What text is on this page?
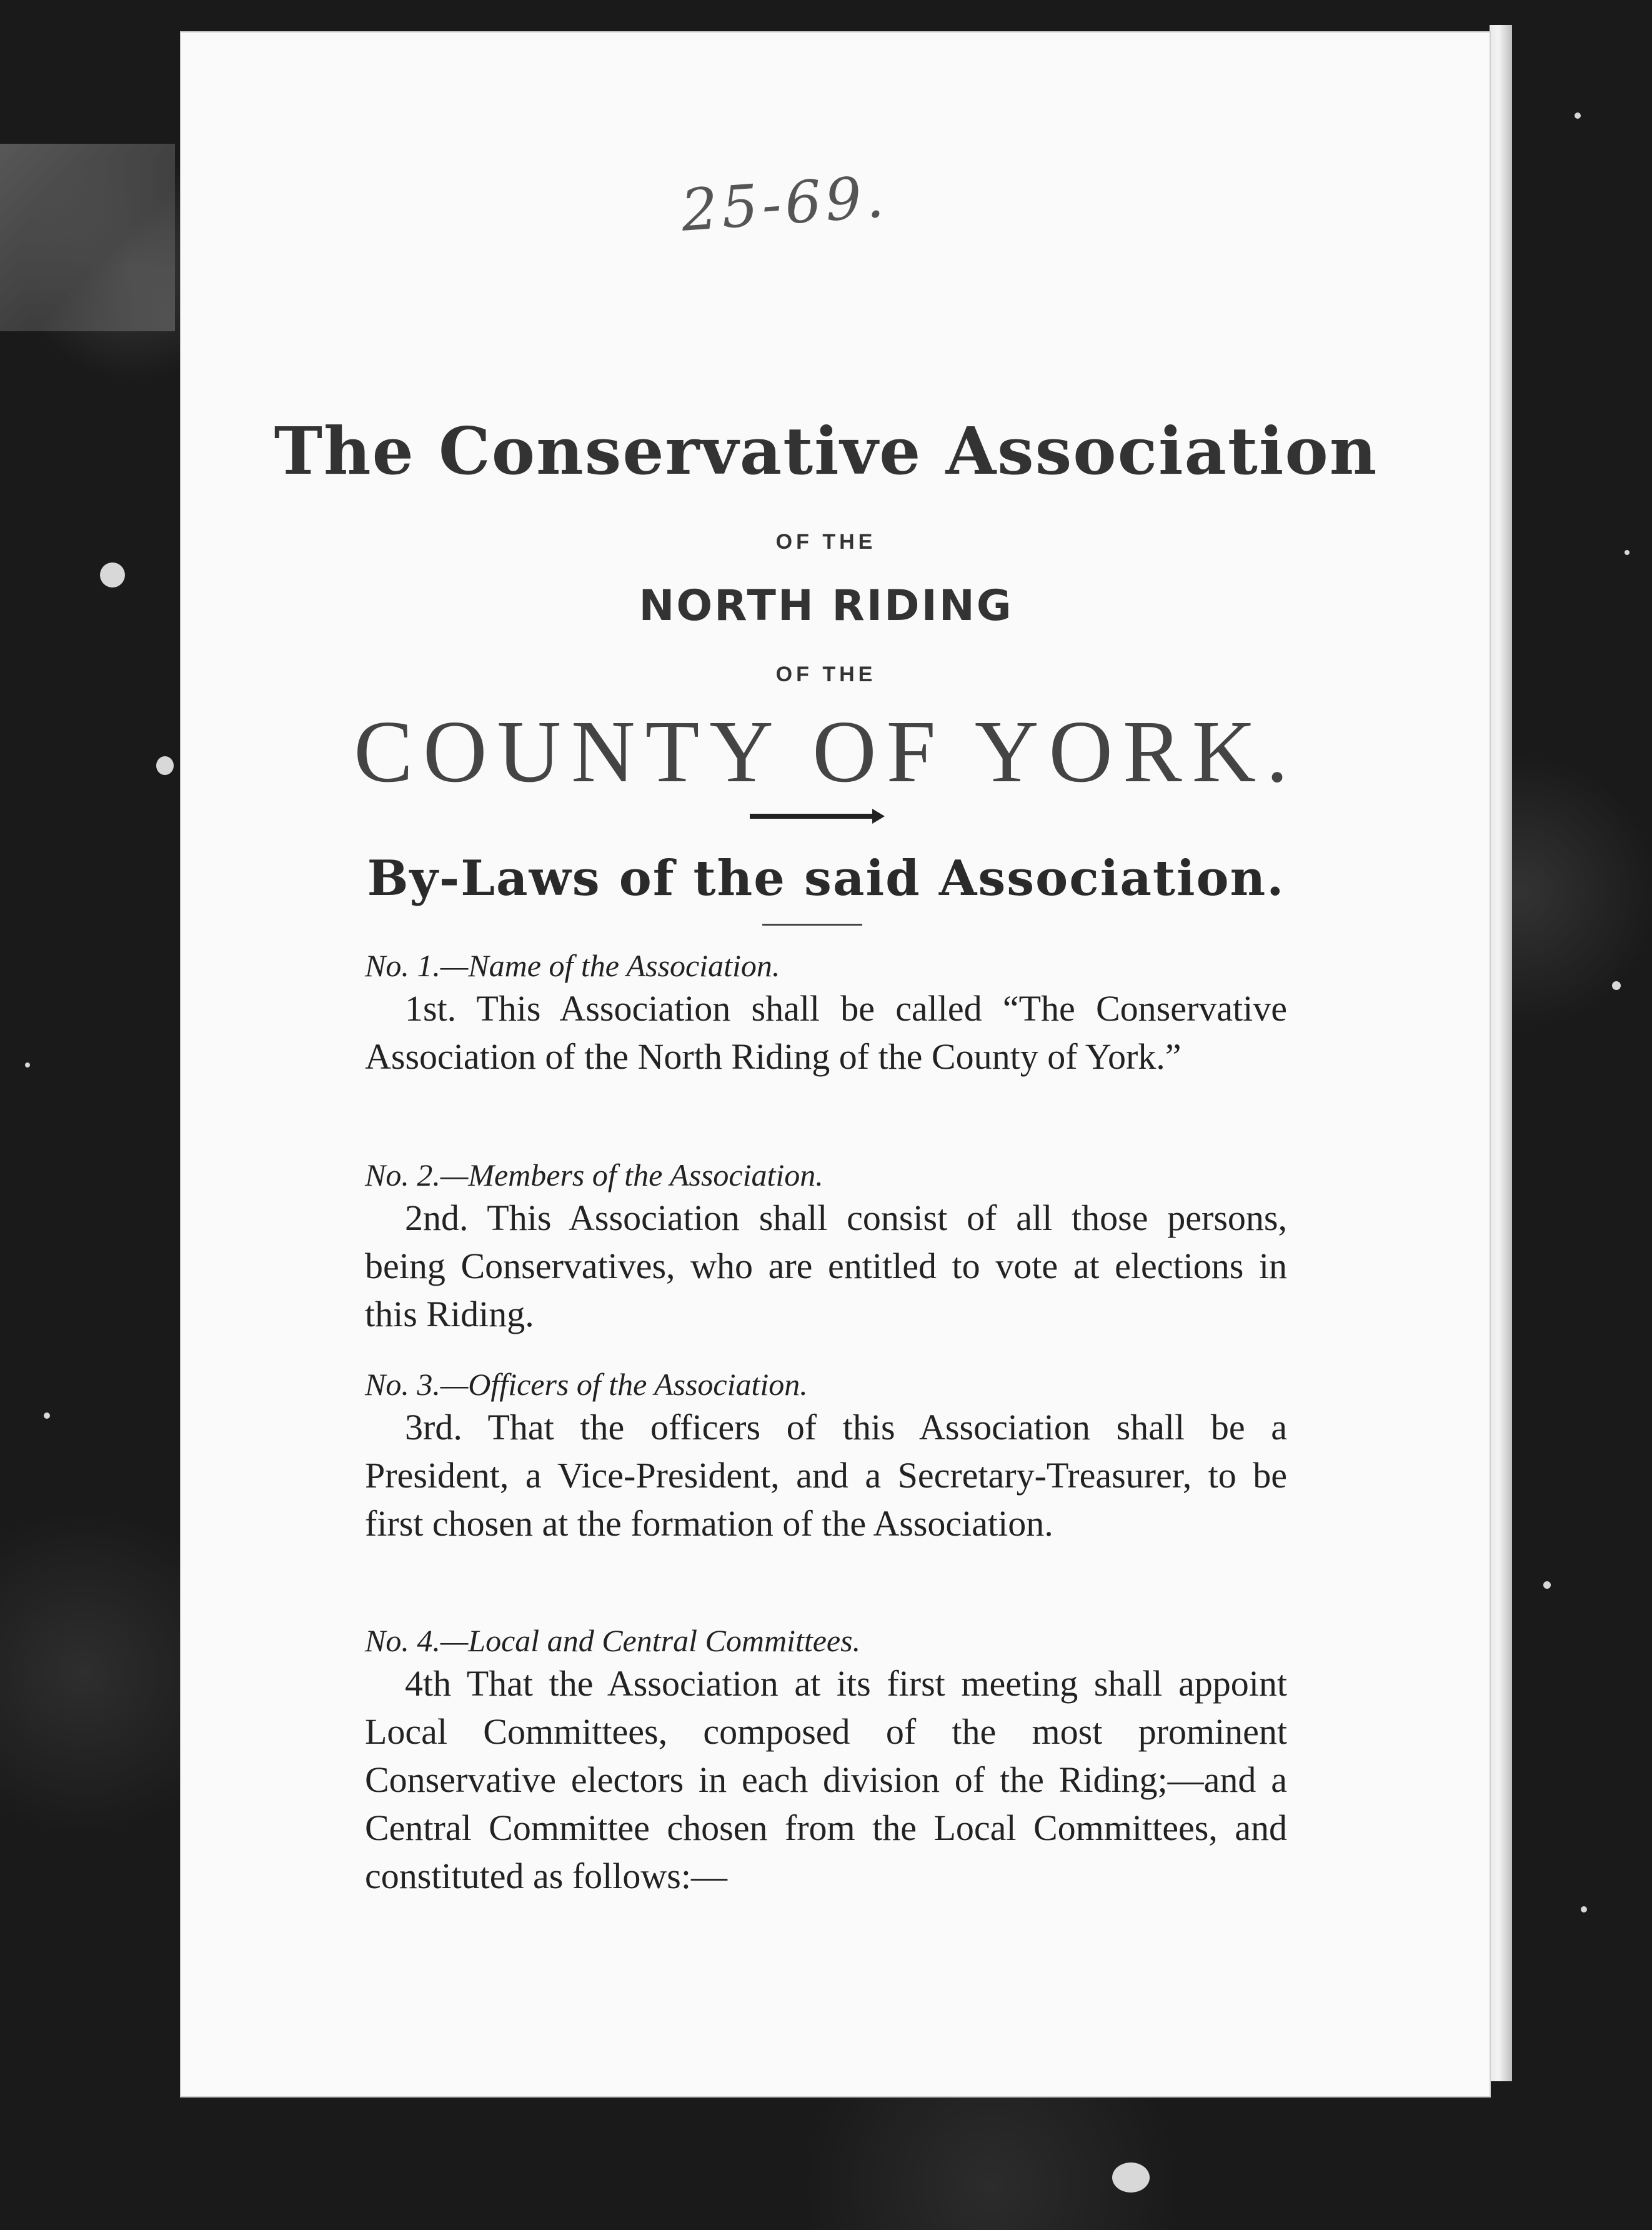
25-69.
The Conservative Association
OF THE
NORTH RIDING
OF THE
COUNTY OF YORK.
By-Laws of the said Association.
No. 1.—Name of the Association.
1st. This Association shall be called “The Conservative Association of the North Riding of the County of York.”
No. 2.—Members of the Association.
2nd. This Association shall consist of all those persons, being Conservatives, who are entitled to vote at elections in this Riding.
No. 3.—Officers of the Association.
3rd. That the officers of this Association shall be a President, a Vice-President, and a Secretary-Treasurer, to be first chosen at the formation of the Association.
No. 4.—Local and Central Committees.
4th That the Association at its first meeting shall appoint Local Committees, composed of the most prominent Conservative electors in each division of the Riding;—and a Central Committee chosen from the Local Committees, and constituted as follows:—
